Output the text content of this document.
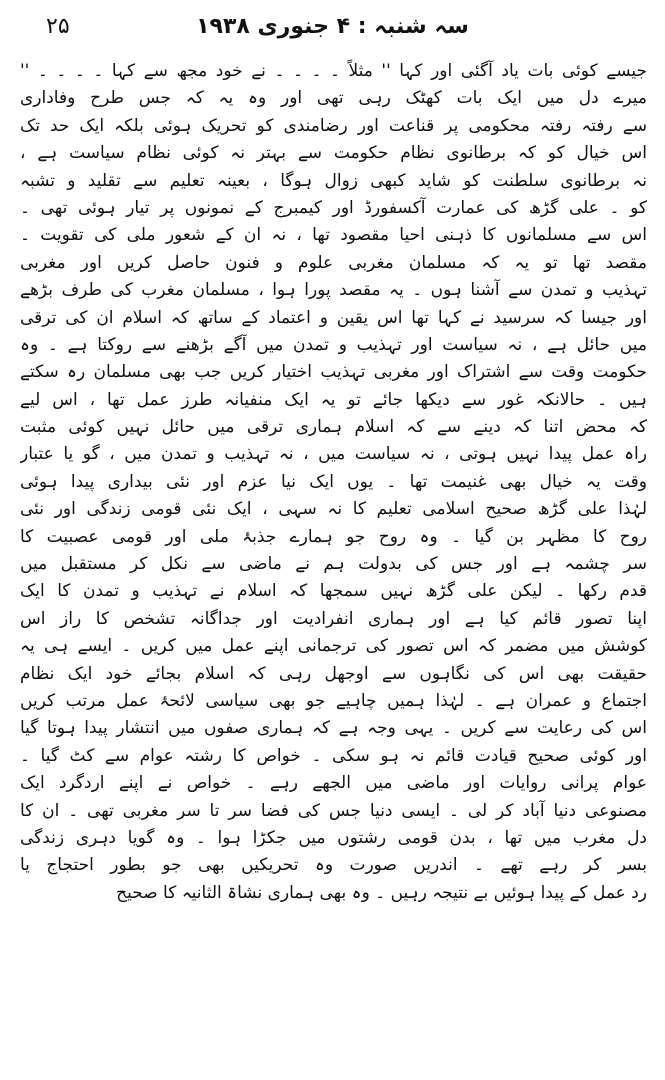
۲۵	سہ شنبہ : ۴ جنوری ۱۹۳۸
جیسے کوئی بات یاد آگئی اور کہا '' مثلاً ۔ ۔ ۔ ۔ نے خود مجھ سے کہا ۔ ۔ ۔ ۔ ''
میرے دل میں ایک بات کھٹک رہی تھی اور وہ یہ کہ جس طرح وفاداری
سے رفتہ رفتہ محکومی پر قناعت اور رضامندی کو تحریک ہوئی بلکہ ایک حد تک
اس خیال کو کہ برطانوی نظام حکومت سے بہتر نہ کوئی نظام سیاست ہے ،
نہ برطانوی سلطنت کو شاید کبھی زوال ہوگا ، بعینہ تعلیم سے تقلید و تشبہ
کو ۔ علی گڑھ کی عمارت آکسفورڈ اور کیمبرج کے نمونوں پر تیار ہوئی تھی ۔
اس سے مسلمانوں کا ذہنی احیا مقصود تھا ، نہ ان کے شعور ملی کی تقویت ۔
مقصد تھا تو یہ کہ مسلمان مغربی علوم و فنون حاصل کریں اور مغربی
تہذیب و تمدن سے آشنا ہوں ۔ یہ مقصد پورا ہوا ، مسلمان مغرب کی طرف بڑھے
اور جیسا کہ سرسید نے کہا تھا اس یقین و اعتماد کے ساتھ کہ اسلام ان کی ترقی
میں حائل ہے ، نہ سیاست اور تہذیب و تمدن میں آگے بڑھنے سے روکتا ہے ۔ وہ
حکومت وقت سے اشتراک اور مغربی تہذیب اختیار کریں جب بھی مسلمان رہ سکتے
ہیں ۔ حالانکہ غور سے دیکھا جائے تو یہ ایک منفیانہ طرز عمل تھا ، اس لیے
کہ محض اتنا کہ دینے سے کہ اسلام ہماری ترقی میں حائل نہیں کوئی مثبت
راہ عمل پیدا نہیں ہوتی ، نہ سیاست میں ، نہ تہذیب و تمدن میں ، گو یا عتبار
وقت یہ خیال بھی غنیمت تھا ۔ یوں ایک نیا عزم اور نئی بیداری پیدا ہوئی
لہٰذا علی گڑھ صحیح اسلامی تعلیم کا نہ سہی ، ایک نئی قومی زندگی اور نئی
روح کا مظہر بن گیا ۔ وہ روح جو ہمارے جذبۂ ملی اور قومی عصبیت کا
سر چشمہ ہے اور جس کی بدولت ہم نے ماضی سے نکل کر مستقبل میں
قدم رکھا ۔ لیکن علی گڑھ نہیں سمجھا کہ اسلام نے تہذیب و تمدن کا ایک
اپنا تصور قائم کیا ہے اور ہماری انفرادیت اور جداگانہ تشخص کا راز اس
کوشش میں مضمر کہ اس تصور کی ترجمانی اپنے عمل میں کریں ۔ ایسے ہی یہ
حقیقت بھی اس کی نگاہوں سے اوجھل رہی کہ اسلام بجائے خود ایک نظام
اجتماع و عمران ہے ۔ لہٰذا ہمیں چاہیے جو بھی سیاسی لائحۂ عمل مرتب کریں
اس کی رعایت سے کریں ۔ یہی وجہ ہے کہ ہماری صفوں میں انتشار پیدا ہوتا گیا
اور کوئی صحیح قیادت قائم نہ ہو سکی ۔ خواص کا رشتہ عوام سے کٹ گیا ۔
عوام پرانی روایات اور ماضی میں الجھے رہے ۔ خواص نے اپنے اردگرد ایک
مصنوعی دنیا آباد کر لی ۔ ایسی دنیا جس کی فضا سر تا سر مغربی تھی ۔ ان کا
دل مغرب میں تھا ، بدن قومی رشتوں میں جکڑا ہوا ۔ وہ گویا دہری زندگی
بسر کر رہے تھے ۔ اندریں صورت وہ تحریکیں بھی جو بطور احتجاج یا
رد عمل کے پیدا ہوئیں بے نتیجہ رہیں ۔ وہ بھی ہماری نشاۃ الثانیہ کا صحیح
